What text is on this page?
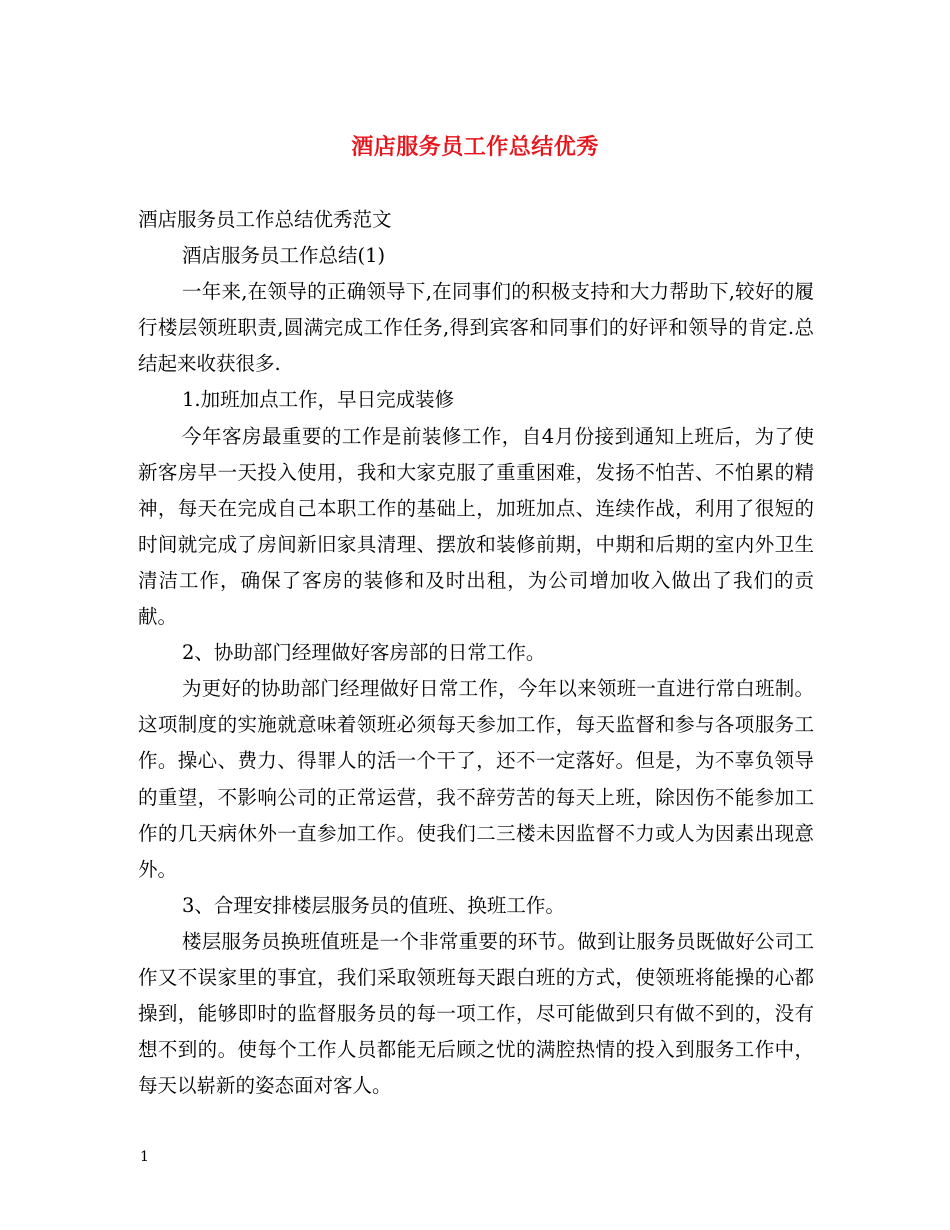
酒店服务员工作总结优秀

酒店服务员工作总结优秀范文

酒店服务员工作总结(1)

一年来,在领导的正确领导下,在同事们的积极支持和大力帮助下,较好的履行楼层领班职责,圆满完成工作任务,得到宾客和同事们的好评和领导的肯定.总结起来收获很多.

1.加班加点工作，早日完成装修

今年客房最重要的工作是前装修工作，自4月份接到通知上班后，为了使新客房早一天投入使用，我和大家克服了重重困难，发扬不怕苦、不怕累的精神，每天在完成自己本职工作的基础上，加班加点、连续作战，利用了很短的时间就完成了房间新旧家具清理、摆放和装修前期，中期和后期的室内外卫生清洁工作，确保了客房的装修和及时出租，为公司增加收入做出了我们的贡献。

2、协助部门经理做好客房部的日常工作。

为更好的协助部门经理做好日常工作，今年以来领班一直进行常白班制。这项制度的实施就意味着领班必须每天参加工作，每天监督和参与各项服务工作。操心、费力、得罪人的活一个干了，还不一定落好。但是，为不辜负领导的重望，不影响公司的正常运营，我不辞劳苦的每天上班，除因伤不能参加工作的几天病休外一直参加工作。使我们二三楼未因监督不力或人为因素出现意外。

3、合理安排楼层服务员的值班、换班工作。

楼层服务员换班值班是一个非常重要的环节。做到让服务员既做好公司工作又不误家里的事宜，我们采取领班每天跟白班的方式，使领班将能操的心都操到，能够即时的监督服务员的每一项工作，尽可能做到只有做不到的，没有想不到的。使每个工作人员都能无后顾之忧的满腔热情的投入到服务工作中，每天以崭新的姿态面对客人。

1
